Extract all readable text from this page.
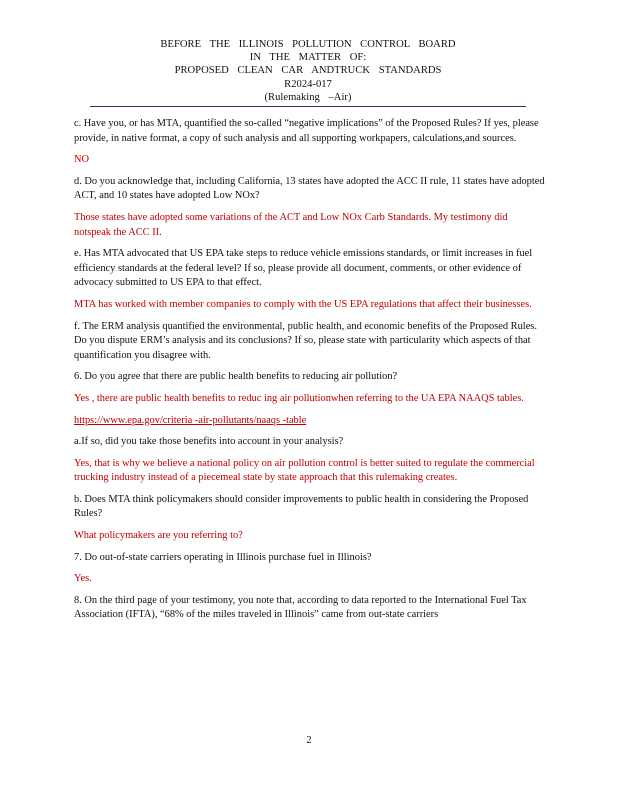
BEFORE THE ILLINOIS POLLUTION CONTROL BOARD
IN THE MATTER OF:
PROPOSED CLEAN CAR ANDTRUCK STANDARDS
R2024-017
(Rulemaking –Air)

c. Have you, or has MTA, quantified the so-called “negative implications” of the Proposed Rules? If yes, please provide, in native format, a copy of such analysis and all supporting workpapers, calculations,and sources.

NO

d. Do you acknowledge that, including California, 13 states have adopted the ACC II rule, 11 states have adopted ACT, and 10 states have adopted Low NOx?

Those states have adopted some variations of the ACT and Low NOx Carb Standards. My testimony did notspeak the ACC II.

e. Has MTA advocated that US EPA take steps to reduce vehicle emissions standards, or limit increases in fuel efficiency standards at the federal level? If so, please provide all document, comments, or other evidence of advocacy submitted to US EPA to that effect.

MTA has worked with member companies to comply with the US EPA regulations that affect their businesses.

f. The ERM analysis quantified the environmental, public health, and economic benefits of the Proposed Rules. Do you dispute ERM’s analysis and its conclusions? If so, please state with particularity which aspects of that quantification you disagree with.

6. Do you agree that there are public health benefits to reducing air pollution?

Yes , there are public health benefits to reduc ing air pollutionwhen referring to the UA EPA NAAQS tables.

https://www.epa.gov/criteria -air-pollutants/naaqs -table

a.If so, did you take those benefits into account in your analysis?

Yes, that is why we believe a national policy on air pollution control is better suited to regulate the commercial trucking industry instead of a piecemeal state by state approach that this rulemaking creates.

b. Does MTA think policymakers should consider improvements to public health in considering the Proposed Rules?

What policymakers are you referring to?

7. Do out-of-state carriers operating in Illinois purchase fuel in Illinois?

Yes.

8. On the third page of your testimony, you note that, according to data reported to the International Fuel Tax Association (IFTA), “68% of the miles traveled in Illinois” came from out-state carriers

2
